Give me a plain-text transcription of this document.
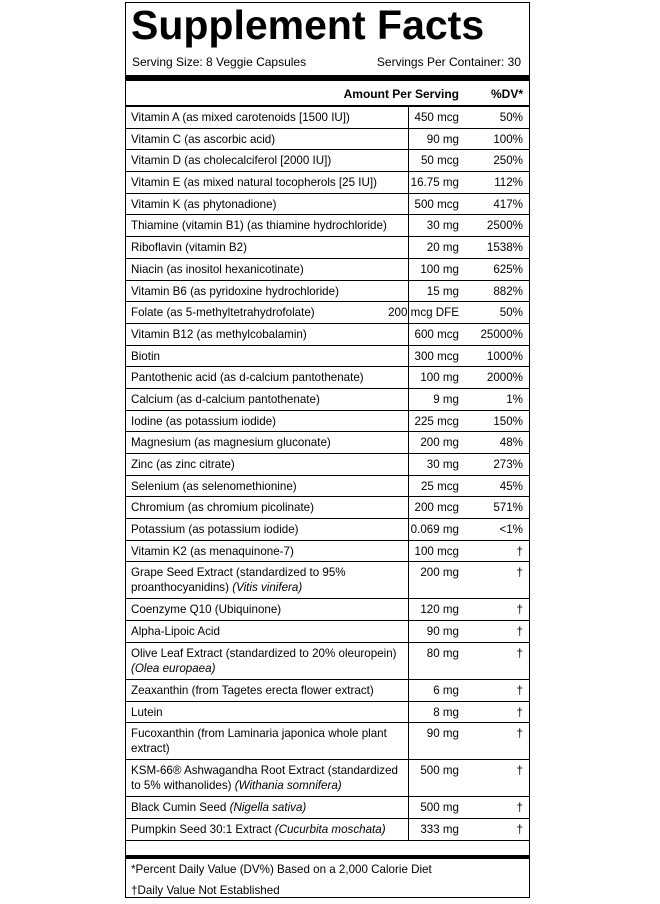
Supplement Facts
Serving Size: 8 Veggie Capsules	Servings Per Container: 30
Amount Per Serving	%DV*
Vitamin A (as mixed carotenoids [1500 IU])	450 mcg	50%
Vitamin C (as ascorbic acid)	90 mg	100%
Vitamin D (as cholecalciferol [2000 IU])	50 mcg	250%
Vitamin E (as mixed natural tocopherols [25 IU])	16.75 mg	112%
Vitamin K (as phytonadione)	500 mcg	417%
Thiamine (vitamin B1) (as thiamine hydrochloride)	30 mg 2500%
Riboflavin (vitamin B2)	20 mg 1538%
Niacin (as inositol hexanicotinate)	100 mg	625%
Vitamin B6 (as pyridoxine hydrochloride)	15 mg	882%
Folate (as 5-methyltetrahydrofolate)	200 mcg DFE	50%
Vitamin B12 (as methylcobalamin)	600 mcg 25000%
Biotin	300 mcg 1000%
Pantothenic acid (as d-calcium pantothenate)	100 mg 2000%
Calcium (as d-calcium pantothenate)	9 mg	1%
Iodine (as potassium iodide)	225 mcg	150%
Magnesium (as magnesium gluconate)	200 mg	48%
Zinc (as zinc citrate)	30 mg	273%
Selenium (as selenomethionine)	25 mcg	45%
Chromium (as chromium picolinate)	200 mcg	571%
Potassium (as potassium iodide)	0.069 mg	<1%
Vitamin K2 (as menaquinone-7)	100 mcg	†
Grape Seed Extract (standardized to 95% proanthocyanidins) (Vitis vinifera)
200 mg	†
Coenzyme Q10 (Ubiquinone)	120 mg	†
Alpha-Lipoic Acid	90 mg	†
Olive Leaf Extract (standardized to 20% oleuropein) (Olea europaea)
80 mg	†
Zeaxanthin (from Tagetes erecta flower extract)	6 mg	†
Lutein	8 mg	†
Fucoxanthin (from Laminaria japonica whole plant extract)
90 mg	†
KSM-66® Ashwagandha Root Extract (standardized to 5% withanolides) (Withania somnifera)
500 mg	†
Black Cumin Seed (Nigella sativa)	500 mg	†
Pumpkin Seed 30:1 Extract (Cucurbita moschata)	333 mg	†
*Percent Daily Value (DV%) Based on a 2,000 Calorie Diet
†Daily Value Not Established
